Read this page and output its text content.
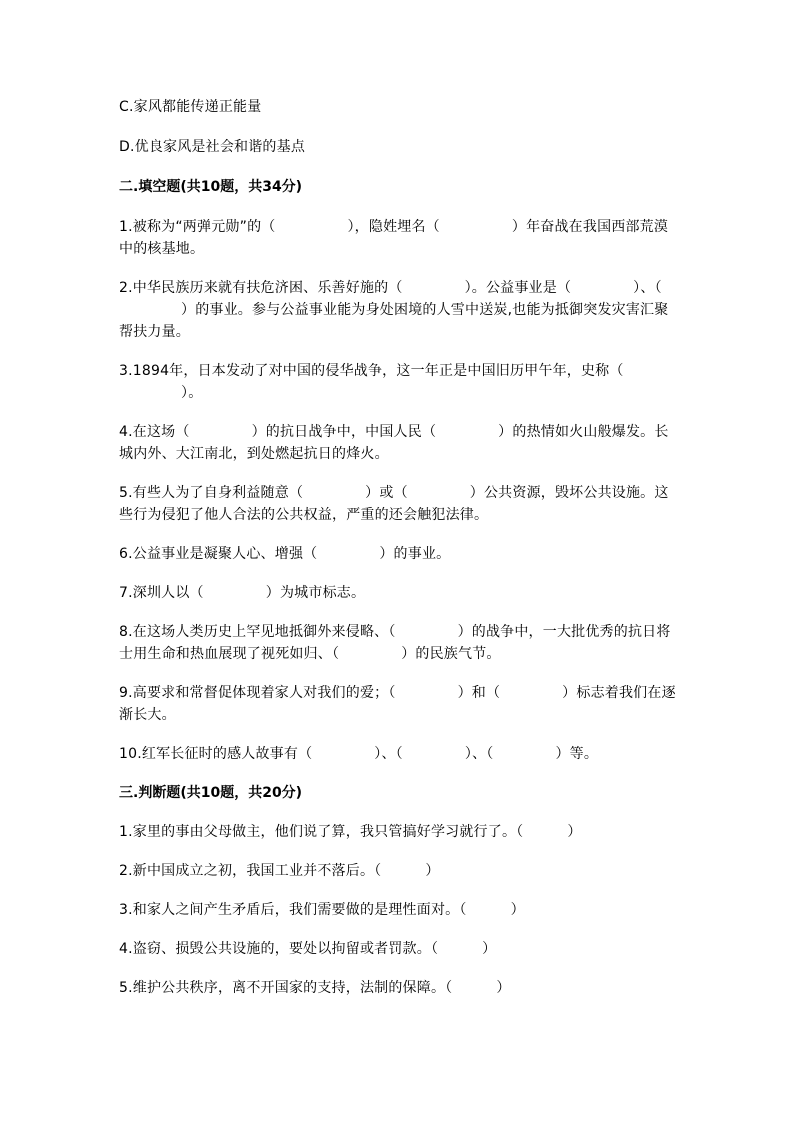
C.家风都能传递正能量

D.优良家风是社会和谐的基点

二.填空题(共10题，共34分)

1.被称为“两弹元勋”的（	），隐姓埋名（	）年奋战在我国西部荒漠中的核基地。

2.中华民族历来就有扶危济困、乐善好施的（	）。公益事业是（	）、（）的事业。参与公益事业能为身处困境的人雪中送炭,也能为抵御突发灾害汇聚帮扶力量。

3.1894年，日本发动了对中国的侵华战争，这一年正是中国旧历甲午年，史称（）。

4.在这场（	）的抗日战争中，中国人民（	）的热情如火山般爆发。长城内外、大江南北，到处燃起抗日的烽火。

5.有些人为了自身利益随意（	）或（	）公共资源，毁坏公共设施。这些行为侵犯了他人合法的公共权益，严重的还会触犯法律。

6.公益事业是凝聚人心、增强（	）的事业。

7.深圳人以（	）为城市标志。

8.在这场人类历史上罕见地抵御外来侵略、（	）的战争中，一大批优秀的抗日将士用生命和热血展现了视死如归、（	）的民族气节。

9.高要求和常督促体现着家人对我们的爱；（	）和（	）标志着我们在逐渐长大。

10.红军长征时的感人故事有（	）、（	）、（	）等。

三.判断题(共10题，共20分)

1.家里的事由父母做主，他们说了算，我只管搞好学习就行了。（	）

2.新中国成立之初，我国工业并不落后。（	）

3.和家人之间产生矛盾后，我们需要做的是理性面对。（	）

4.盗窃、损毁公共设施的，要处以拘留或者罚款。（	）

5.维护公共秩序，离不开国家的支持，法制的保障。（	）
